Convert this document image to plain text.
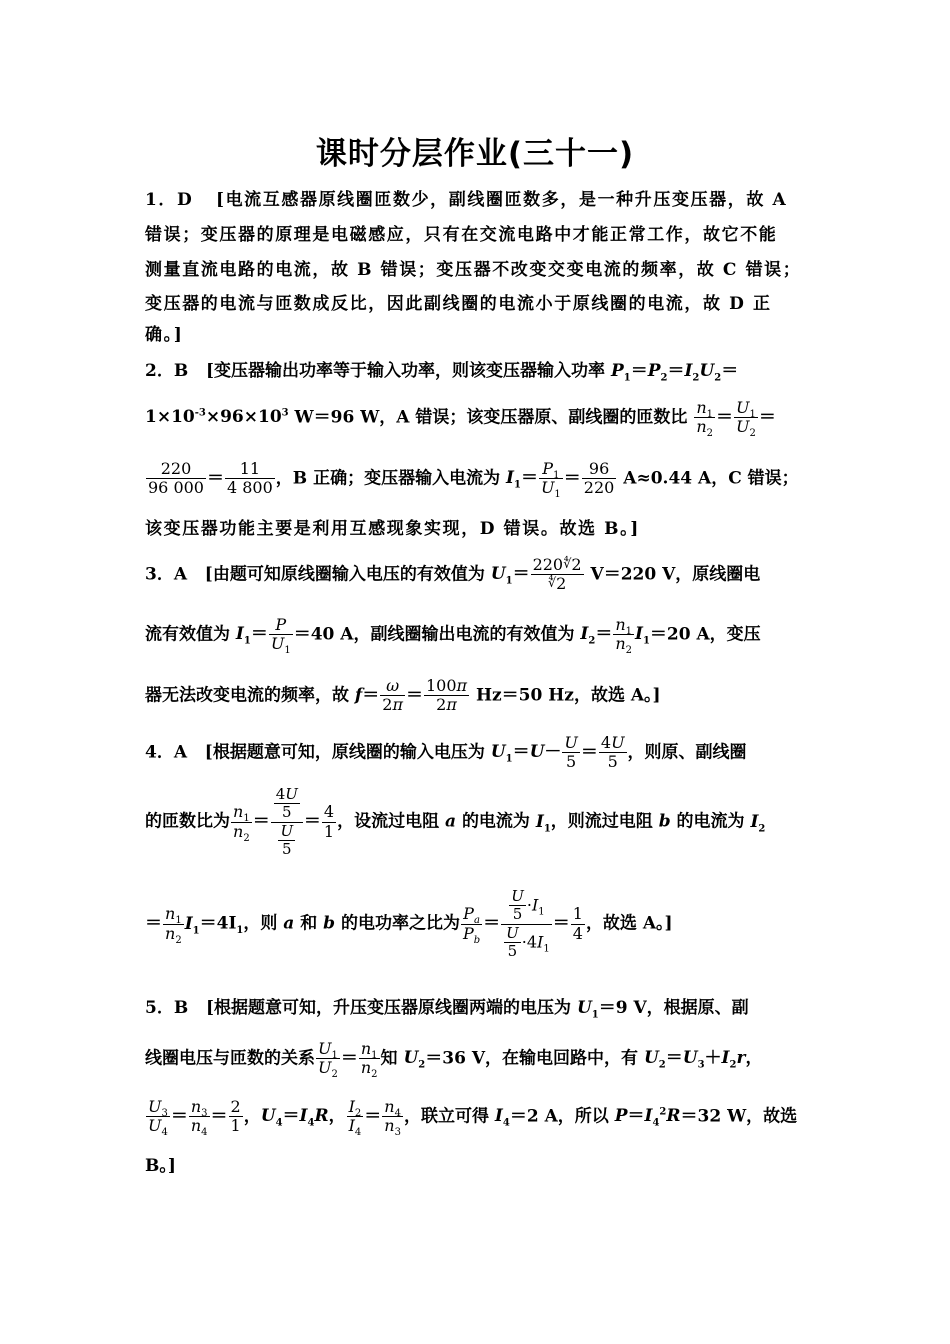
课时分层作业(三十一)
1．D [电流互感器原线圈匝数少，副线圈匝数多，是一种升压变压器，故 A
错误；变压器的原理是电磁感应，只有在交流电路中才能正常工作，故它不能
测量直流电路的电流，故 B 错误；变压器不改变交变电流的频率，故 C 错误；
变压器的电流与匝数成反比，因此副线圈的电流小于原线圈的电流，故 D 正
确。]
2．B [变压器输出功率等于输入功率，则该变压器输入功率 $P_1=P_2=I_2U_2=$
$1\times 10^{-3}\times 96\times 10^3$ W＝96 W，A 错误；该变压器原、副线圈的匝数比 $\frac{n_1}{n_2} = \frac{U_1}{U_2}$ ＝
$\frac{220}{96 000} = \frac{11}{4 800}$ ，B 正确；变压器输入电流为 $I_1= \frac{P_1}{U_1} = \frac{96}{220} A\approx 0.44$ A，C 错误；
该变压器功能主要是利用互感现象实现，D 错误。故选 B。]
3．A [由题可知原线圈输入电压的有效值为 $U_1= \frac{220∜2}{∜2} V=220$ V，原线圈电
流有效值为 $I_1= \frac{P}{U_1} =40$ A，副线圈输出电流的有效值为 $I_2= \frac{n_1}{n_2} I_1=20$ A，变压
器无法改变电流的频率，故 $f= \frac{\omega}{2\pi} = \frac{100\pi}{2\pi} Hz=50$ Hz，故选 A。]
4．A [根据题意可知，原线圈的输入电压为 $U_1=U- \frac{U}{5} = \frac{4U}{5}$ ，则原、副线圈
的匝数比为 $\frac{n_1}{n_2} = \frac{\frac{4U}{5}}{\frac{U}{5}} = \frac{4}{1}$ ，设流过电阻 a 的电流为 $I_1$，则流过电阻 b 的电流为 $I_2$
＝ $\frac{n_1}{n_2} I_1=4I_1$，则 a 和 b 的电功率之比为 $\frac{P_a}{P_b} = \frac{\frac{U}{5} \cdot I_1}{\frac{U}{5} \cdot 4I_1} = \frac{1}{4}$ ，故选 A。]
5．B [根据题意可知，升压变压器原线圈两端的电压为 $U_1=9$ V，根据原、副
线圈电压与匝数的关系 $\frac{U_1}{U_2} = \frac{n_1}{n_2}$ 知 $U_2=36$ V，在输电回路中，有 $U_2=U_3+I_2r$，
$\frac{U_3}{U_4} = \frac{n_3}{n_4} = \frac{2}{1}$ ，$U_4=I_4R$， $\frac{I_2}{I_4} = \frac{n_4}{n_3}$ ，联立可得 $I_4=2$ A，所以 $P=I_4^2R=32$ W，故选
B。]
